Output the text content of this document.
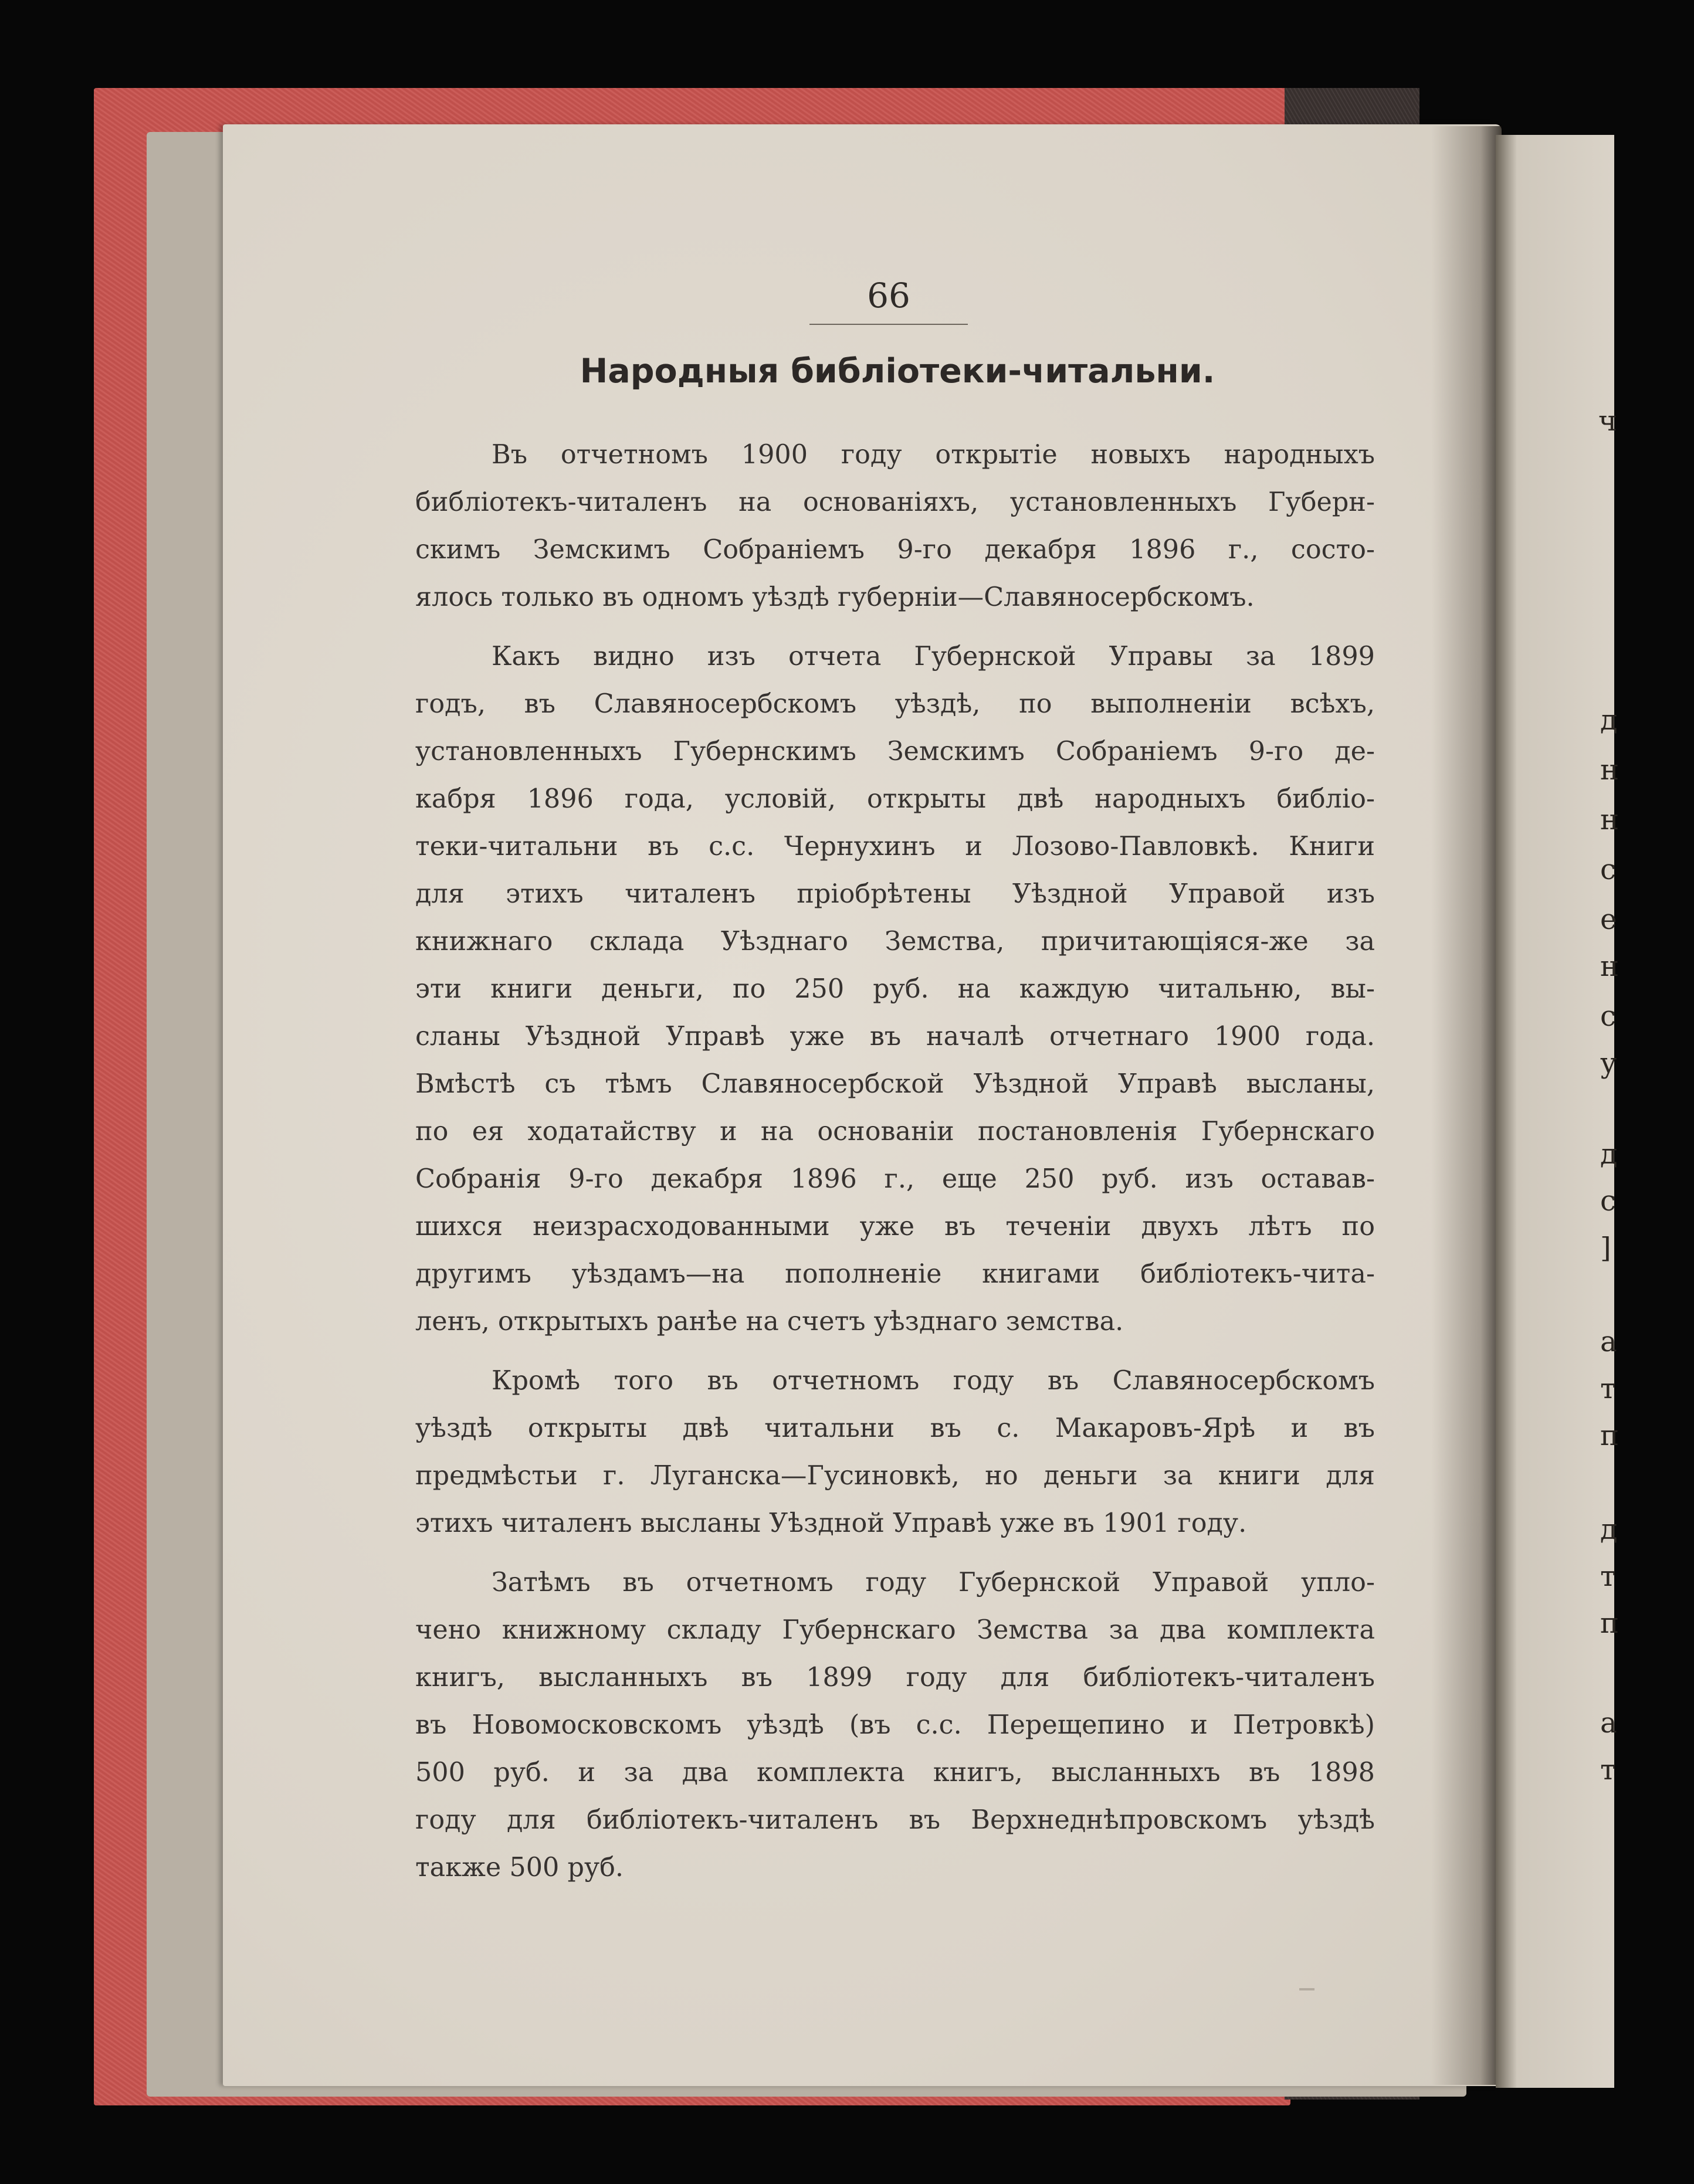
ч
д
н
н
с
е
н
с
у
д
с
]
а
т
п
д
т
п
а
т
66
Народныя библіотеки-читальни.
Въ отчетномъ 1900 году открытіе новыхъ народныхъ
библіотекъ-читаленъ на основаніяхъ, установленныхъ Губерн-
скимъ Земскимъ Собраніемъ 9-го декабря 1896 г., состо-
ялось только въ одномъ уѣздѣ губерніи—Славяносербскомъ.
Какъ видно изъ отчета Губернской Управы за 1899
годъ, въ Славяносербскомъ уѣздѣ, по выполненіи всѣхъ,
установленныхъ Губернскимъ Земскимъ Собраніемъ 9-го де-
кабря 1896 года, условій, открыты двѣ народныхъ библіо-
теки-читальни въ с.с. Чернухинъ и Лозово-Павловкѣ. Книги
для этихъ читаленъ пріобрѣтены Уѣздной Управой изъ
книжнаго склада Уѣзднаго Земства, причитающіяся-же за
эти книги деньги, по 250 руб. на каждую читальню, вы-
сланы Уѣздной Управѣ уже въ началѣ отчетнаго 1900 года.
Вмѣстѣ съ тѣмъ Славяносербской Уѣздной Управѣ высланы,
по ея ходатайству и на основаніи постановленія Губернскаго
Собранія 9-го декабря 1896 г., еще 250 руб. изъ оставав-
шихся неизрасходованными уже въ теченіи двухъ лѣтъ по
другимъ уѣздамъ—на пополненіе книгами библіотекъ-чита-
ленъ, открытыхъ ранѣе на счетъ уѣзднаго земства.
Кромѣ того въ отчетномъ году въ Славяносербскомъ
уѣздѣ открыты двѣ читальни въ с. Макаровъ-Ярѣ и въ
предмѣстьи г. Луганска—Гусиновкѣ, но деньги за книги для
этихъ читаленъ высланы Уѣздной Управѣ уже въ 1901 году.
Затѣмъ въ отчетномъ году Губернской Управой упло-
чено книжному складу Губернскаго Земства за два комплекта
книгъ, высланныхъ въ 1899 году для библіотекъ-читаленъ
въ Новомосковскомъ уѣздѣ (въ с.с. Перещепино и Петровкѣ)
500 руб. и за два комплекта книгъ, высланныхъ въ 1898
году для библіотекъ-читаленъ въ Верхнеднѣпровскомъ уѣздѣ
также 500 руб.
